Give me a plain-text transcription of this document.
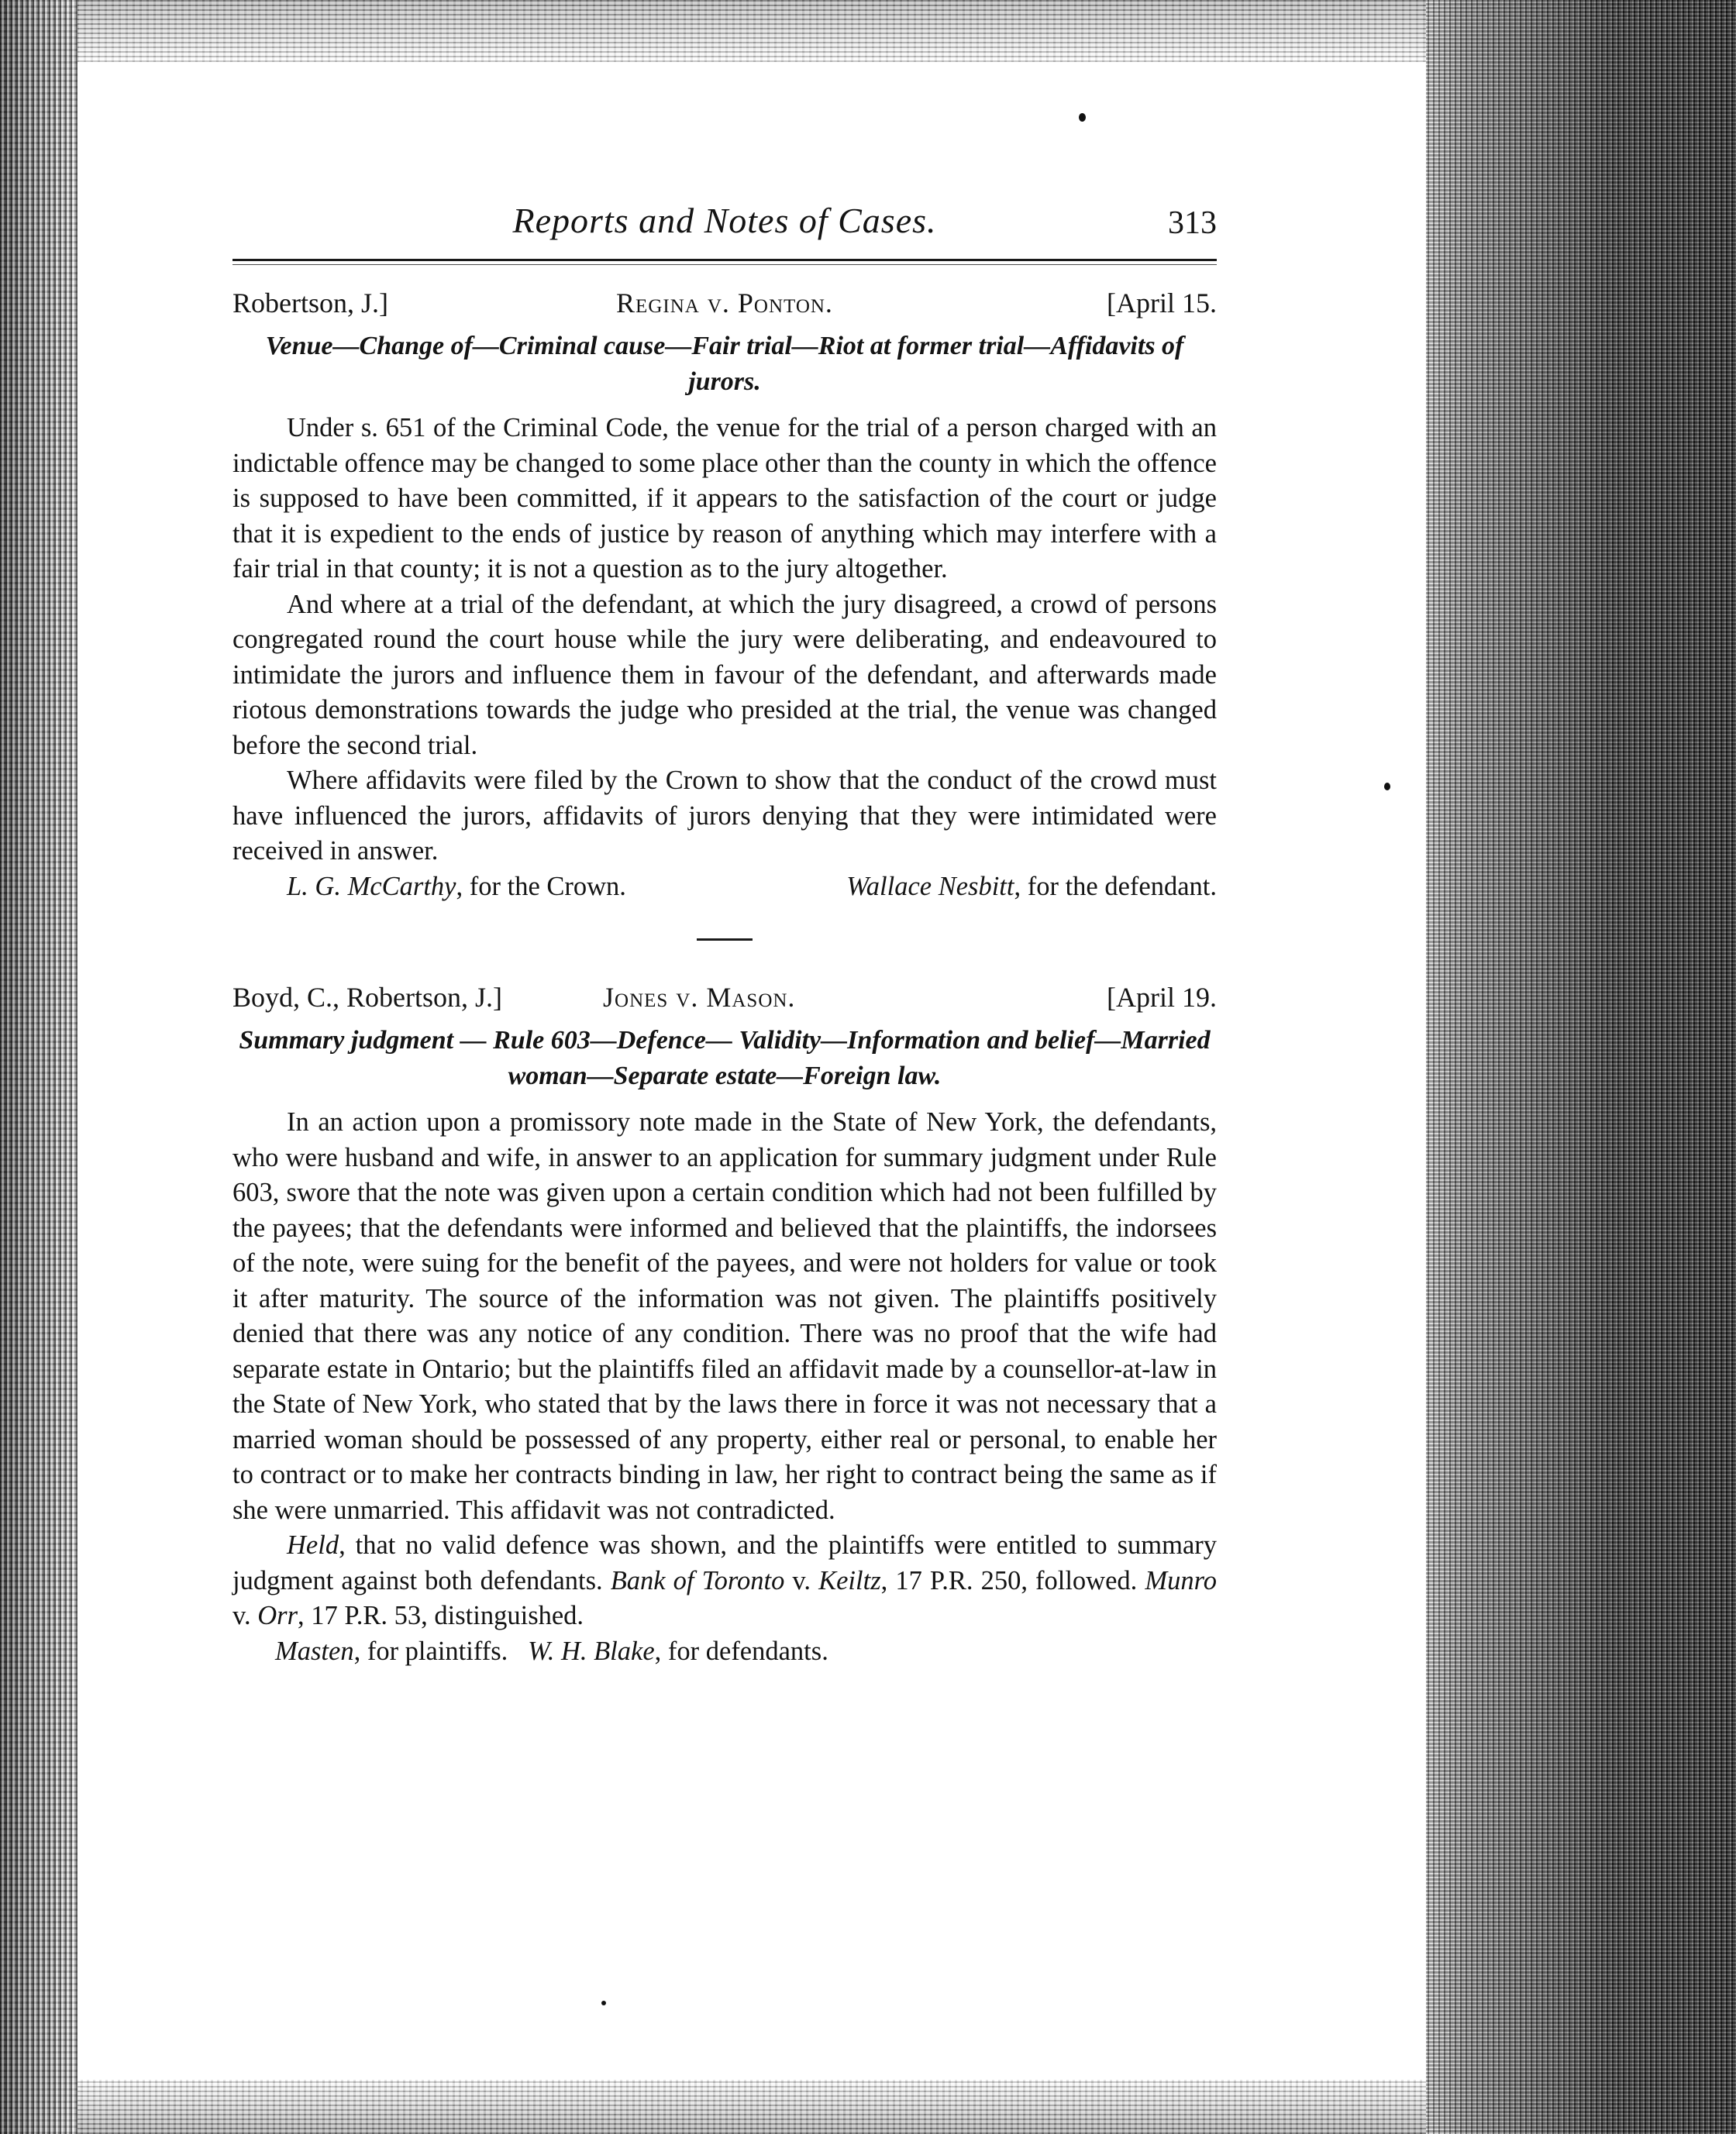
Reports and Notes of Cases.	313
Robertson, J.]	Regina v. Ponton.	[April 15.
Venue—Change of—Criminal cause—Fair trial—Riot at former trial—Affidavits of jurors.

Under s. 651 of the Criminal Code, the venue for the trial of a person charged with an indictable offence may be changed to some place other than the county in which the offence is supposed to have been committed, if it appears to the satisfaction of the court or judge that it is expedient to the ends of justice by reason of anything which may interfere with a fair trial in that county; it is not a question as to the jury altogether.

And where at a trial of the defendant, at which the jury disagreed, a crowd of persons congregated round the court house while the jury were deliberating, and endeavoured to intimidate the jurors and influence them in favour of the defendant, and afterwards made riotous demonstrations towards the judge who presided at the trial, the venue was changed before the second trial.

Where affidavits were filed by the Crown to show that the conduct of the crowd must have influenced the jurors, affidavits of jurors denying that they were intimidated were received in answer.

L. G. McCarthy, for the Crown.	Wallace Nesbitt, for the defendant.

Boyd, C., Robertson, J.]	Jones v. Mason.	[April 19.
Summary judgment — Rule 603—Defence— Validity—Information and belief—Married woman—Separate estate—Foreign law.

In an action upon a promissory note made in the State of New York, the defendants, who were husband and wife, in answer to an application for summary judgment under Rule 603, swore that the note was given upon a certain condition which had not been fulfilled by the payees; that the defendants were informed and believed that the plaintiffs, the indorsees of the note, were suing for the benefit of the payees, and were not holders for value or took it after maturity. The source of the information was not given. The plaintiffs positively denied that there was any notice of any condition. There was no proof that the wife had separate estate in Ontario; but the plaintiffs filed an affidavit made by a counsellor-at-law in the State of New York, who stated that by the laws there in force it was not necessary that a married woman should be possessed of any property, either real or personal, to enable her to contract or to make her contracts binding in law, her right to contract being the same as if she were unmarried. This affidavit was not contradicted.

Held, that no valid defence was shown, and the plaintiffs were entitled to summary judgment against both defendants. Bank of Toronto v. Keiltz, 17 P.R. 250, followed. Munro v. Orr, 17 P.R. 53, distinguished.

Masten, for plaintiffs. W. H. Blake, for defendants.
